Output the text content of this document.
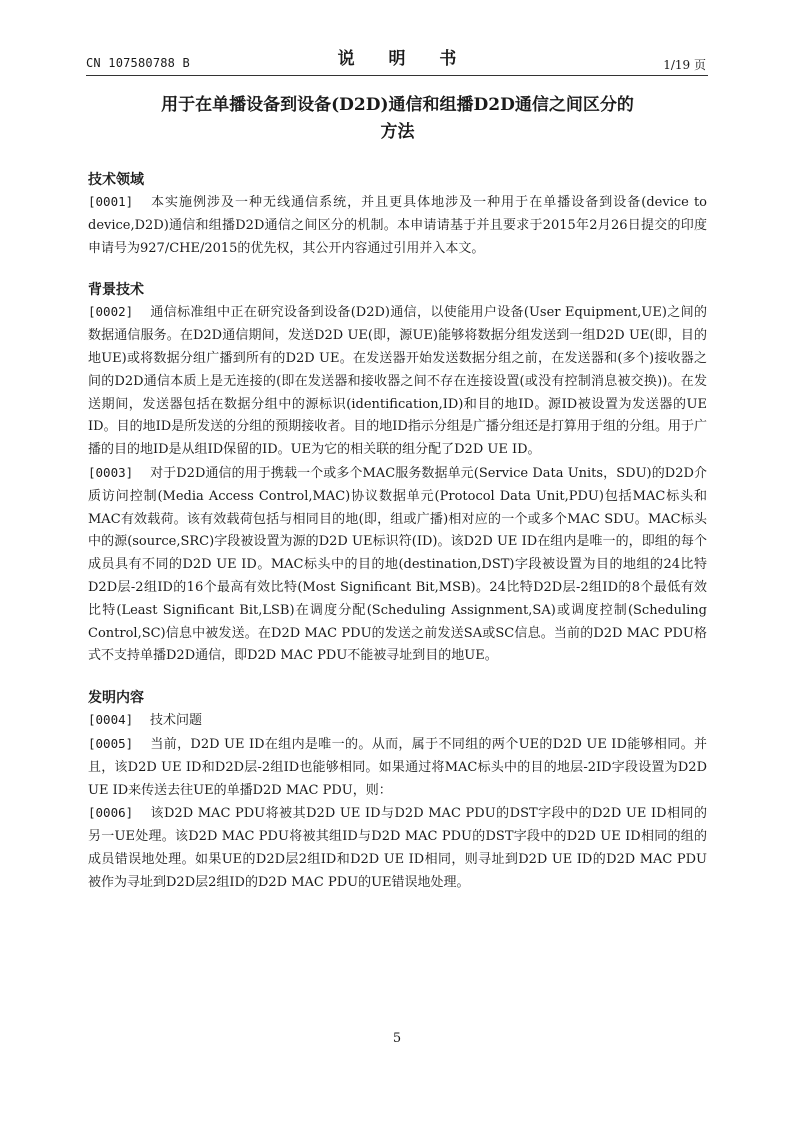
CN 107580788 B	说 明 书	1/19 页
用于在单播设备到设备(D2D)通信和组播D2D通信之间区分的
方法

技术领域

[0001] 本实施例涉及一种无线通信系统，并且更具体地涉及一种用于在单播设备到设备(device to device,D2D)通信和组播D2D通信之间区分的机制。本申请请基于并且要求于2015年2月26日提交的印度申请号为927/CHE/2015的优先权，其公开内容通过引用并入本文。

背景技术

[0002] 通信标准组中正在研究设备到设备(D2D)通信，以使能用户设备(User Equipment,UE)之间的数据通信服务。在D2D通信期间，发送D2D UE(即，源UE)能够将数据分组发送到一组D2D UE(即，目的地UE)或将数据分组广播到所有的D2D UE。在发送器开始发送数据分组之前，在发送器和(多个)接收器之间的D2D通信本质上是无连接的(即在发送器和接收器之间不存在连接设置(或没有控制消息被交换))。在发送期间，发送器包括在数据分组中的源标识(identification,ID)和目的地ID。源ID被设置为发送器的UE ID。目的地ID是所发送的分组的预期接收者。目的地ID指示分组是广播分组还是打算用于组的分组。用于广播的目的地ID是从组ID保留的ID。UE为它的相关联的组分配了D2D UE ID。

[0003] 对于D2D通信的用于携载一个或多个MAC服务数据单元(Service Data Units，SDU)的D2D介质访问控制(Media Access Control,MAC)协议数据单元(Protocol Data Unit,PDU)包括MAC标头和MAC有效载荷。该有效载荷包括与相同目的地(即，组或广播)相对应的一个或多个MAC SDU。MAC标头中的源(source,SRC)字段被设置为源的D2D UE标识符(ID)。该D2D UE ID在组内是唯一的，即组的每个成员具有不同的D2D UE ID。MAC标头中的目的地(destination,DST)字段被设置为目的地组的24比特D2D层-2组ID的16个最高有效比特(Most Significant Bit,MSB)。24比特D2D层-2组ID的8个最低有效比特(Least Significant Bit,LSB)在调度分配(Scheduling Assignment,SA)或调度控制(Scheduling Control,SC)信息中被发送。在D2D MAC PDU的发送之前发送SA或SC信息。当前的D2D MAC PDU格式不支持单播D2D通信，即D2D MAC PDU不能被寻址到目的地UE。

发明内容

[0004] 技术问题

[0005] 当前，D2D UE ID在组内是唯一的。从而，属于不同组的两个UE的D2D UE ID能够相同。并且，该D2D UE ID和D2D层-2组ID也能够相同。如果通过将MAC标头中的目的地层-2ID字段设置为D2D UE ID来传送去往UE的单播D2D MAC PDU，则：

[0006] 该D2D MAC PDU将被其D2D UE ID与D2D MAC PDU的DST字段中的D2D UE ID相同的另一UE处理。该D2D MAC PDU将被其组ID与D2D MAC PDU的DST字段中的D2D UE ID相同的组的成员错误地处理。如果UE的D2D层2组ID和D2D UE ID相同，则寻址到D2D UE ID的D2D MAC PDU被作为寻址到D2D层2组ID的D2D MAC PDU的UE错误地处理。

5
